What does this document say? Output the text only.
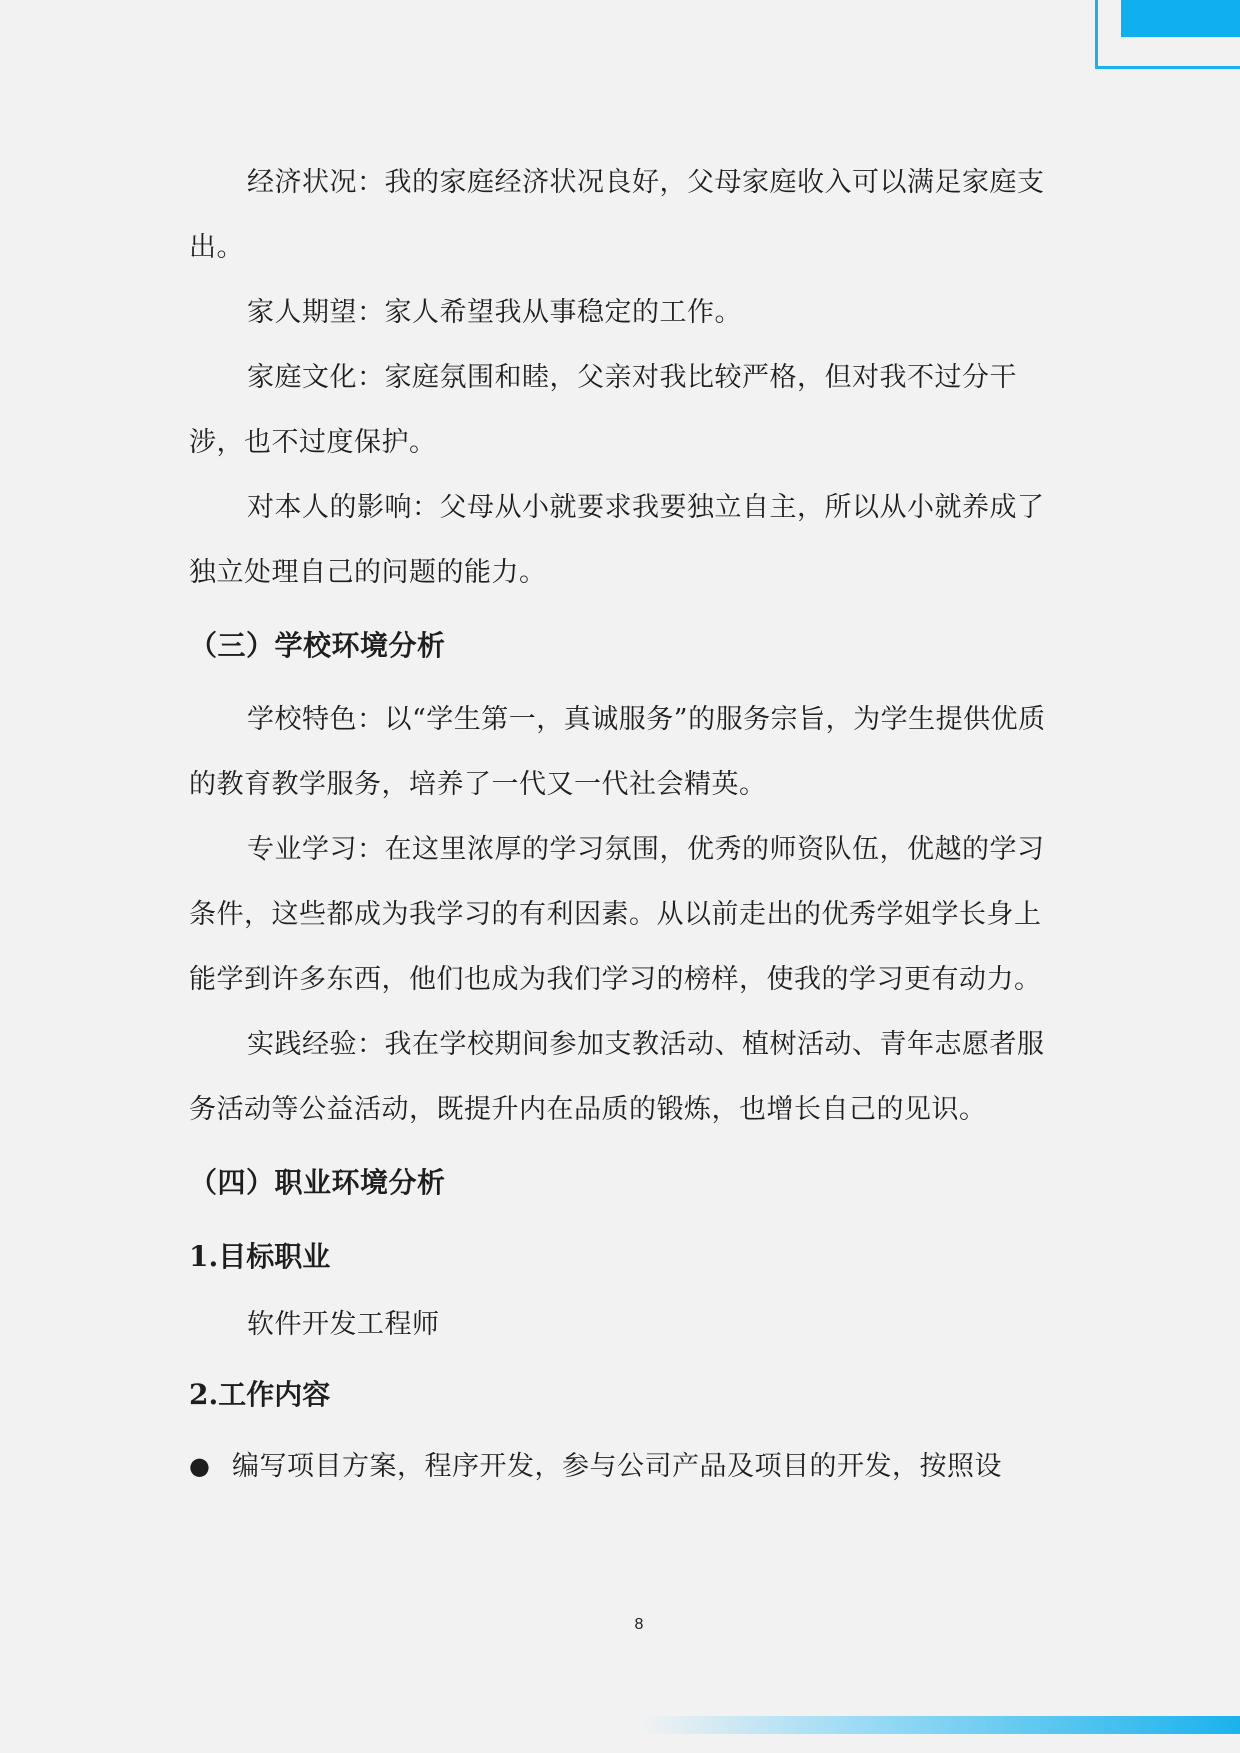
经济状况：我的家庭经济状况良好，父母家庭收入可以满足家庭支出。

家人期望：家人希望我从事稳定的工作。

家庭文化：家庭氛围和睦，父亲对我比较严格，但对我不过分干涉，也不过度保护。

对本人的影响：父母从小就要求我要独立自主，所以从小就养成了独立处理自己的问题的能力。

（三）学校环境分析

学校特色：以“学生第一，真诚服务”的服务宗旨，为学生提供优质的教育教学服务，培养了一代又一代社会精英。

专业学习：在这里浓厚的学习氛围，优秀的师资队伍，优越的学习条件，这些都成为我学习的有利因素。从以前走出的优秀学姐学长身上能学到许多东西，他们也成为我们学习的榜样，使我的学习更有动力。

实践经验：我在学校期间参加支教活动、植树活动、青年志愿者服务活动等公益活动，既提升内在品质的锻炼，也增长自己的见识。

（四）职业环境分析
1.目标职业

软件开发工程师

2.工作内容
● 编写项目方案，程序开发，参与公司产品及项目的开发，按照设
8
